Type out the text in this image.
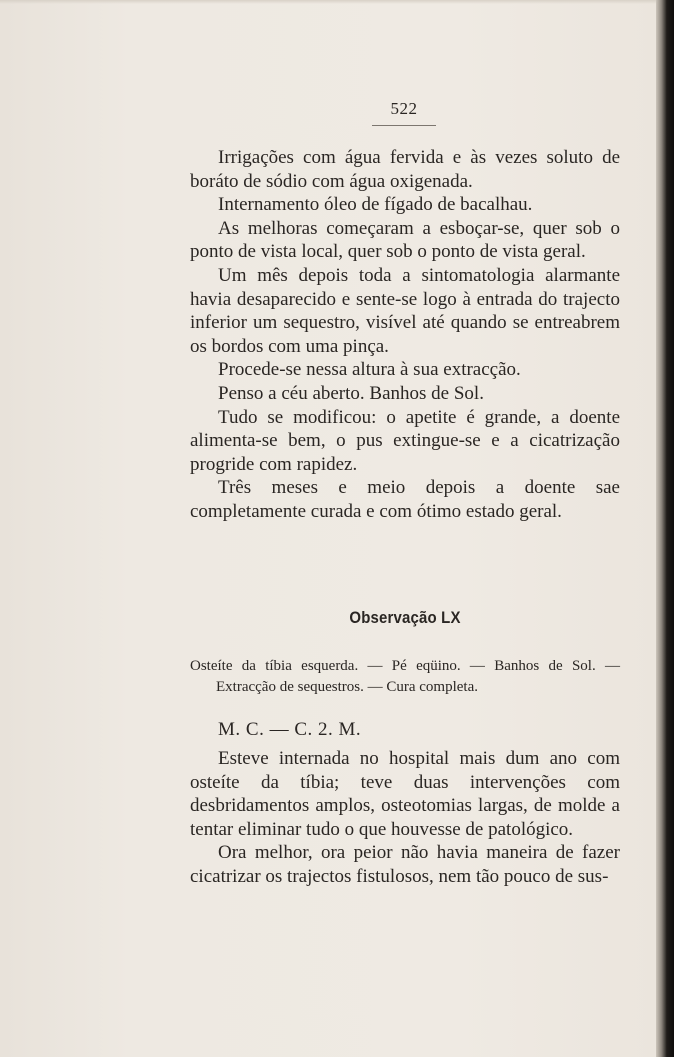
522

Irrigações com água fervida e às vezes soluto de boráto de sódio com água oxigenada.

Internamento óleo de fígado de bacalhau.

As melhoras começaram a esboçar-se, quer sob o ponto de vista local, quer sob o ponto de vista geral.

Um mês depois toda a sintomatologia alarmante havia desaparecido e sente-se logo à entrada do trajecto inferior um sequestro, visível até quando se entreabrem os bordos com uma pinça.

Procede-se nessa altura à sua extracção.

Penso a céu aberto. Banhos de Sol.

Tudo se modificou: o apetite é grande, a doente alimenta-se bem, o pus extingue-se e a cicatrização progride com rapidez.

Três meses e meio depois a doente sae completamente curada e com ótimo estado geral.

Observação LX
Osteíte da tíbia esquerda. — Pé eqüino. — Banhos de Sol. — Extracção de sequestros. — Cura completa.
M. C. — C. 2. M.

Esteve internada no hospital mais dum ano com osteíte da tíbia; teve duas intervenções com desbridamentos amplos, osteotomias largas, de molde a tentar eliminar tudo o que houvesse de patológico.

Ora melhor, ora peior não havia maneira de fazer cicatrizar os trajectos fistulosos, nem tão pouco de sus-
